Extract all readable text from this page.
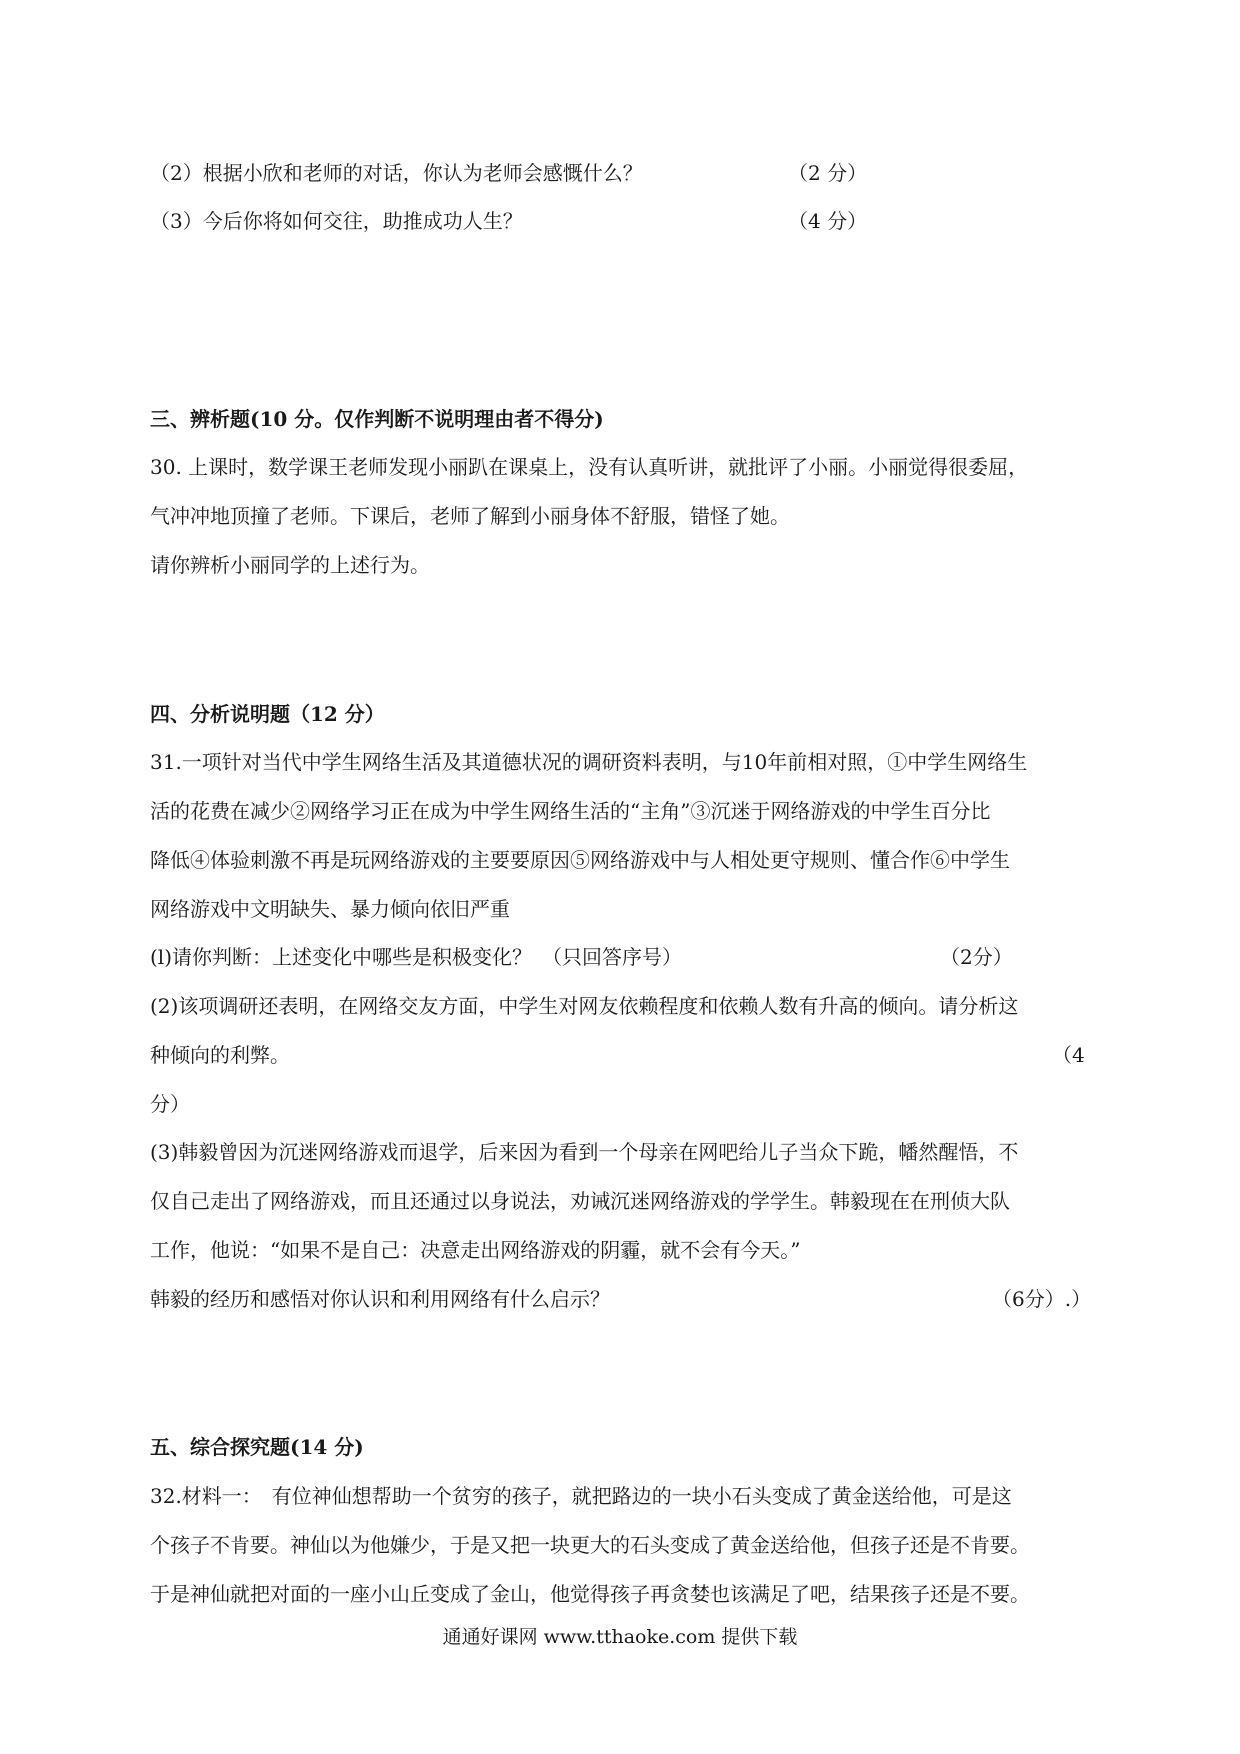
（2）根据小欣和老师的对话，你认为老师会感慨什么？	（2 分）
（3）今后你将如何交往，助推成功人生？	（4 分）
三、辨析题(10 分。仅作判断不说明理由者不得分)
30. 上课时，数学课王老师发现小丽趴在课桌上，没有认真听讲，就批评了小丽。小丽觉得很委屈，
气冲冲地顶撞了老师。下课后，老师了解到小丽身体不舒服，错怪了她。
请你辨析小丽同学的上述行为。
四、分析说明题（12 分）
31.一项针对当代中学生网络生活及其道德状况的调研资料表明，与10年前相对照，①中学生网络生
活的花费在减少②网络学习正在成为中学生网络生活的“主角”③沉迷于网络游戏的中学生百分比
降低④体验刺激不再是玩网络游戏的主要要原因⑤网络游戏中与人相处更守规则、懂合作⑥中学生
网络游戏中文明缺失、暴力倾向依旧严重
(l)请你判断：上述变化中哪些是积极变化？　（只回答序号）	（2分）
(2)该项调研还表明，在网络交友方面，中学生对网友依赖程度和依赖人数有升高的倾向。请分析这
种倾向的利弊。	（4
分）
(3)韩毅曾因为沉迷网络游戏而退学，后来因为看到一个母亲在网吧给儿子当众下跪，幡然醒悟，不
仅自己走出了网络游戏，而且还通过以身说法，劝诫沉迷网络游戏的学学生。韩毅现在在刑侦大队
工作，他说：“如果不是自己：决意走出网络游戏的阴霾，就不会有今天。”
韩毅的经历和感悟对你认识和利用网络有什么启示？	（6分）.）
五、综合探究题(14 分)
32.材料一：　有位神仙想帮助一个贫穷的孩子，就把路边的一块小石头变成了黄金送给他，可是这
个孩子不肯要。神仙以为他嫌少，于是又把一块更大的石头变成了黄金送给他，但孩子还是不肯要。
于是神仙就把对面的一座小山丘变成了金山，他觉得孩子再贪婪也该满足了吧，结果孩子还是不要。
通通好课网 www.tthaoke.com 提供下载
